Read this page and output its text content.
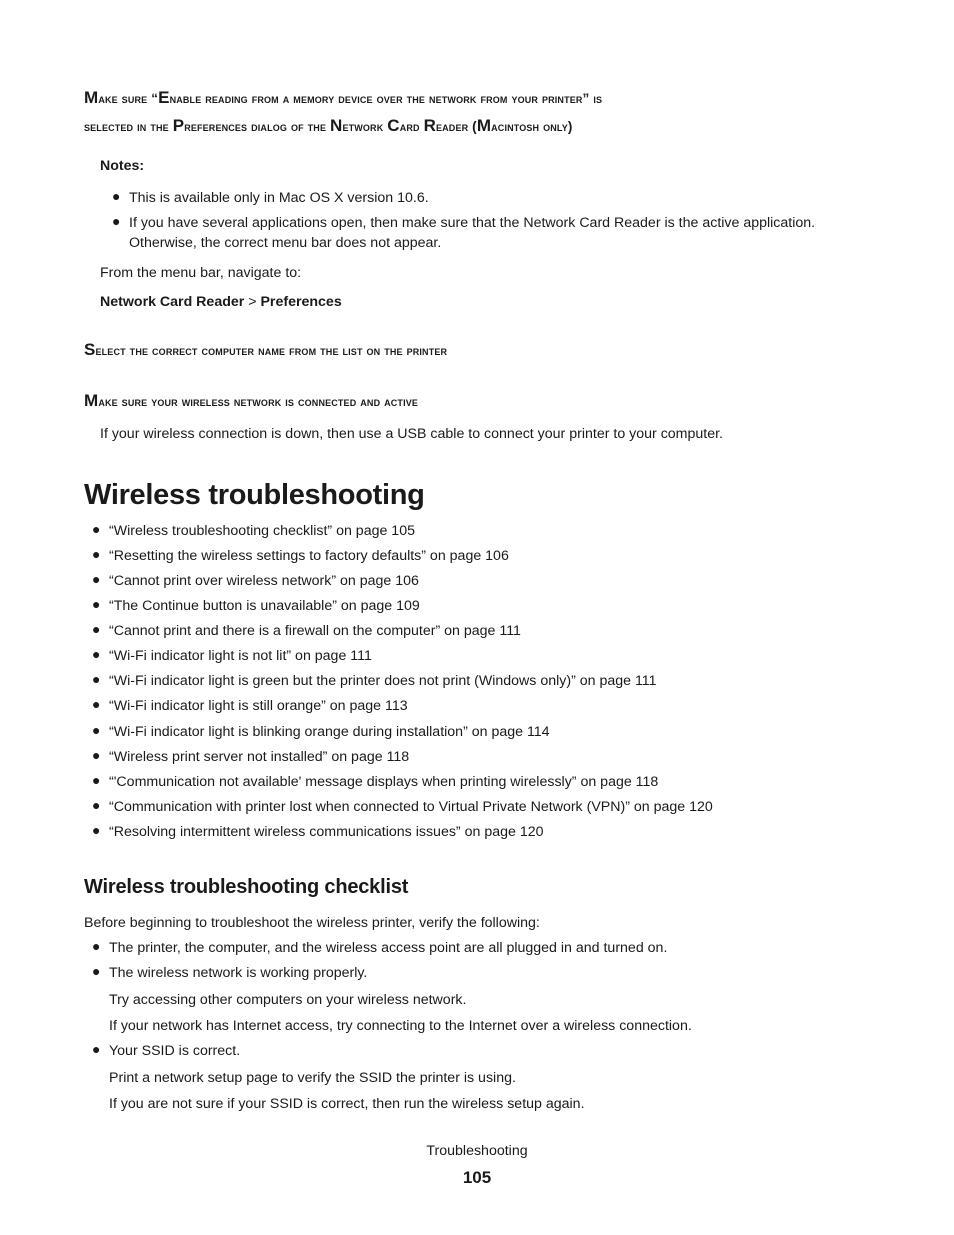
Make sure “Enable reading from a memory device over the network from your printer” is
selected in the Preferences dialog of the Network Card Reader (Macintosh only)
Notes:
● This is available only in Mac OS X version 10.6.
● If you have several applications open, then make sure that the Network Card Reader is the active application.
Otherwise, the correct menu bar does not appear.
From the menu bar, navigate to:
Network Card Reader > Preferences
Select the correct computer name from the list on the printer
Make sure your wireless network is connected and active
If your wireless connection is down, then use a USB cable to connect your printer to your computer.
Wireless troubleshooting
● “Wireless troubleshooting checklist” on page 105
● “Resetting the wireless settings to factory defaults” on page 106
● “Cannot print over wireless network” on page 106
● “The Continue button is unavailable” on page 109
● “Cannot print and there is a firewall on the computer” on page 111
● “Wi-Fi indicator light is not lit” on page 111
● “Wi-Fi indicator light is green but the printer does not print (Windows only)” on page 111
● “Wi-Fi indicator light is still orange” on page 113
● “Wi-Fi indicator light is blinking orange during installation” on page 114
● “Wireless print server not installed” on page 118
● “'Communication not available' message displays when printing wirelessly” on page 118
● “Communication with printer lost when connected to Virtual Private Network (VPN)” on page 120
● “Resolving intermittent wireless communications issues” on page 120
Wireless troubleshooting checklist
Before beginning to troubleshoot the wireless printer, verify the following:
● The printer, the computer, and the wireless access point are all plugged in and turned on.
● The wireless network is working properly.
Try accessing other computers on your wireless network.
If your network has Internet access, try connecting to the Internet over a wireless connection.
● Your SSID is correct.
Print a network setup page to verify the SSID the printer is using.
If you are not sure if your SSID is correct, then run the wireless setup again.
Troubleshooting
105
